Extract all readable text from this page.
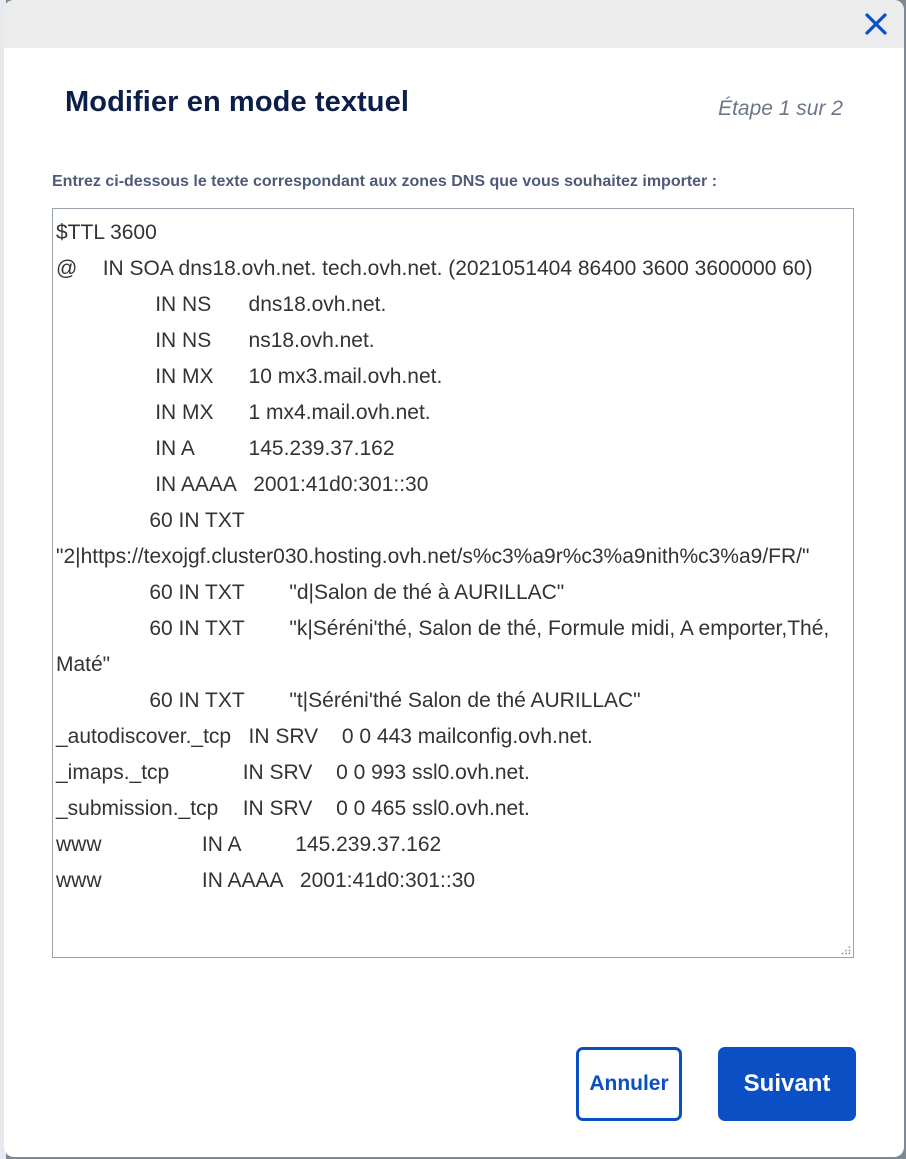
Modifier en mode textuel	Étape 1 sur 2
Entrez ci-dessous le texte correspondant aux zones DNS que vous souhaitez importer :
$TTL 3600 @ IN SOA dns18.ovh.net. tech.ovh.net. (2021051404 86400 3600 3600000 60) IN NS dns18.ovh.net. IN NS ns18.ovh.net. IN MX 10 mx3.mail.ovh.net. IN MX 1 mx4.mail.ovh.net. IN A 145.239.37.162 IN AAAA 2001:41d0:301::30 60 IN TXT "2|https://texojgf.cluster030.hosting.ovh.net/s%c3%a9r%c3%a9nith%c3%a9/FR/" 60 IN TXT "d|Salon de thé à AURILLAC" 60 IN TXT "k|Séréni'thé, Salon de thé, Formule midi, A emporter,Thé, Maté" 60 IN TXT "t|Séréni'thé Salon de thé AURILLAC" _autodiscover._tcp IN SRV 0 0 443 mailconfig.ovh.net. _imaps._tcp IN SRV 0 0 993 ssl0.ovh.net. _submission._tcp IN SRV 0 0 465 ssl0.ovh.net. www IN A 145.239.37.162 www IN AAAA 2001:41d0:301::30
Annuler	Suivant
